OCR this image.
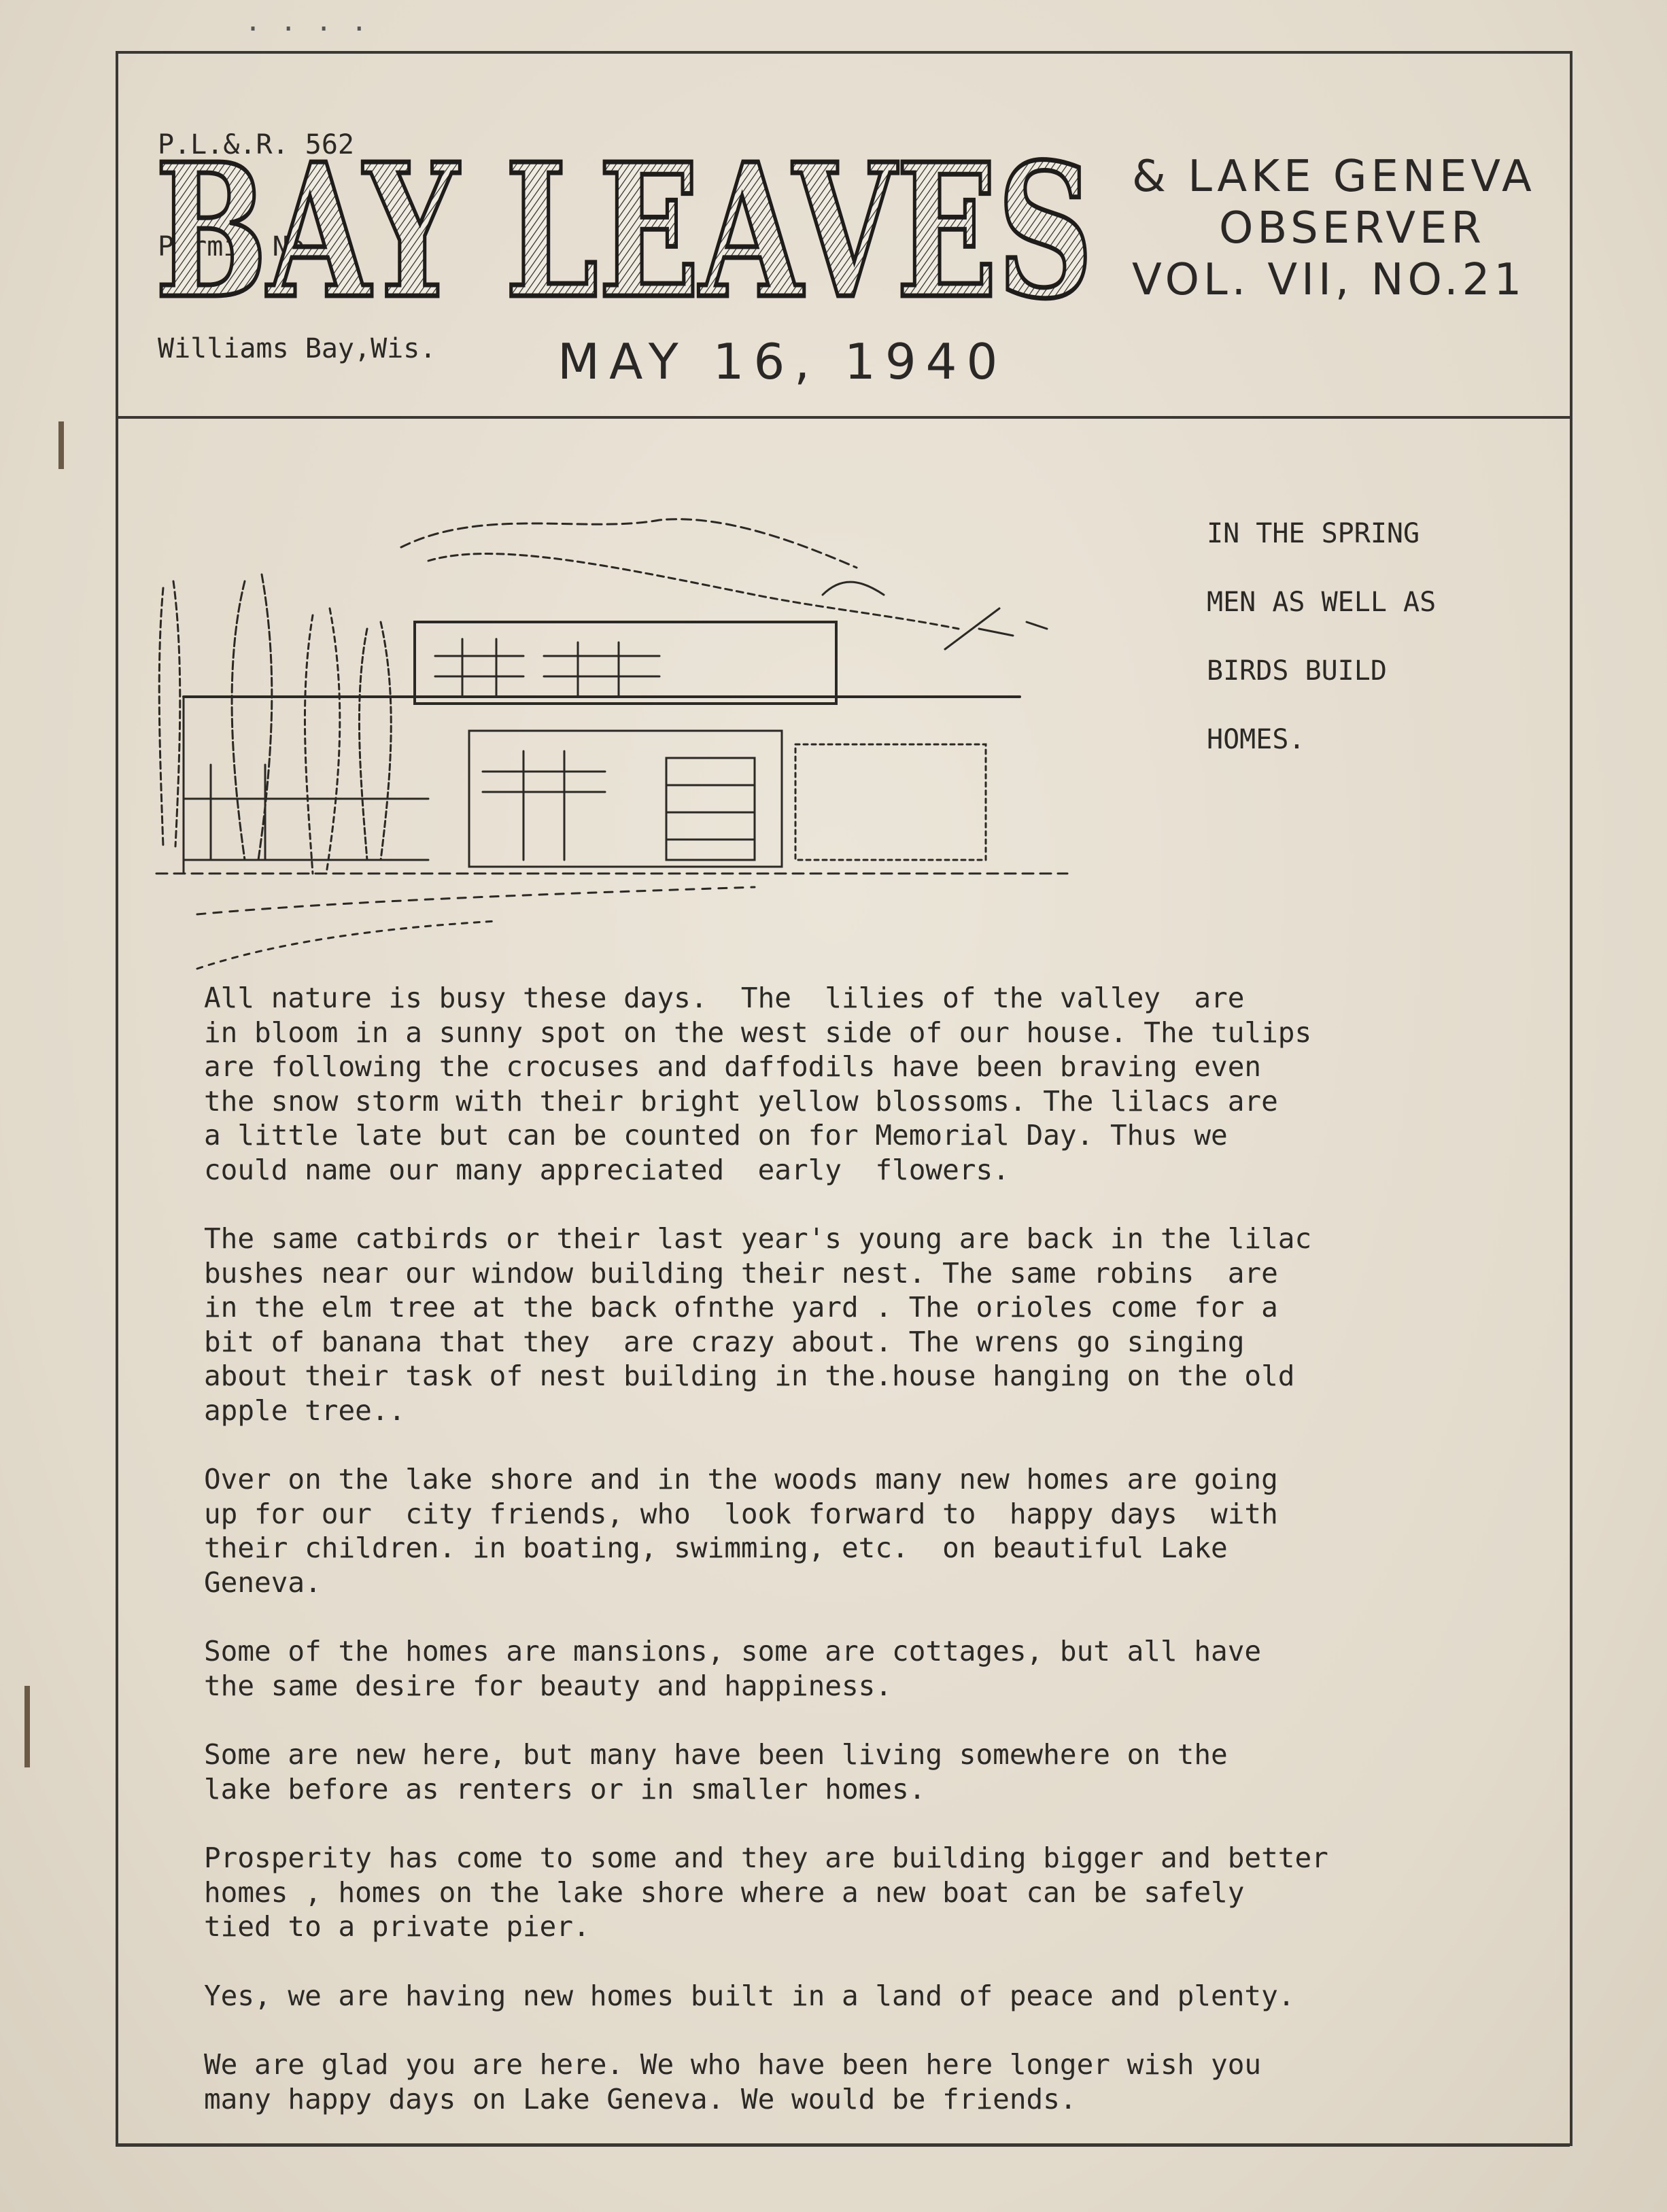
····

P.L.&.R. 562

Permit No. 1

Williams Bay,Wis.

BAY LEAVES & LAKE GENEVA
OBSERVER
VOL. VII, NO.21
MAY 16, 1940
IN THE SPRING
MEN AS WELL AS
BIRDS BUILD
HOMES.
All nature is busy these days.  The  lilies of the valley  are
in bloom in a sunny spot on the west side of our house. The tulips
are following the crocuses and daffodils have been braving even
the snow storm with their bright yellow blossoms. The lilacs are
a little late but can be counted on for Memorial Day. Thus we
could name our many appreciated  early  flowers.
The same catbirds or their last year's young are back in the lilac
bushes near our window building their nest. The same robins  are
in the elm tree at the back ofnthe yard . The orioles come for a
bit of banana that they  are crazy about. The wrens go singing
about their task of nest building in the.house hanging on the old
apple tree..
Over on the lake shore and in the woods many new homes are going
up for our  city friends, who  look forward to  happy days  with
their children. in boating, swimming, etc.  on beautiful Lake
Geneva.
Some of the homes are mansions, some are cottages, but all have
the same desire for beauty and happiness.
Some are new here, but many have been living somewhere on the
lake before as renters or in smaller homes.
Prosperity has come to some and they are building bigger and better
homes , homes on the lake shore where a new boat can be safely
tied to a private pier.
Yes, we are having new homes built in a land of peace and plenty.
We are glad you are here. We who have been here longer wish you
many happy days on Lake Geneva. We would be friends.
